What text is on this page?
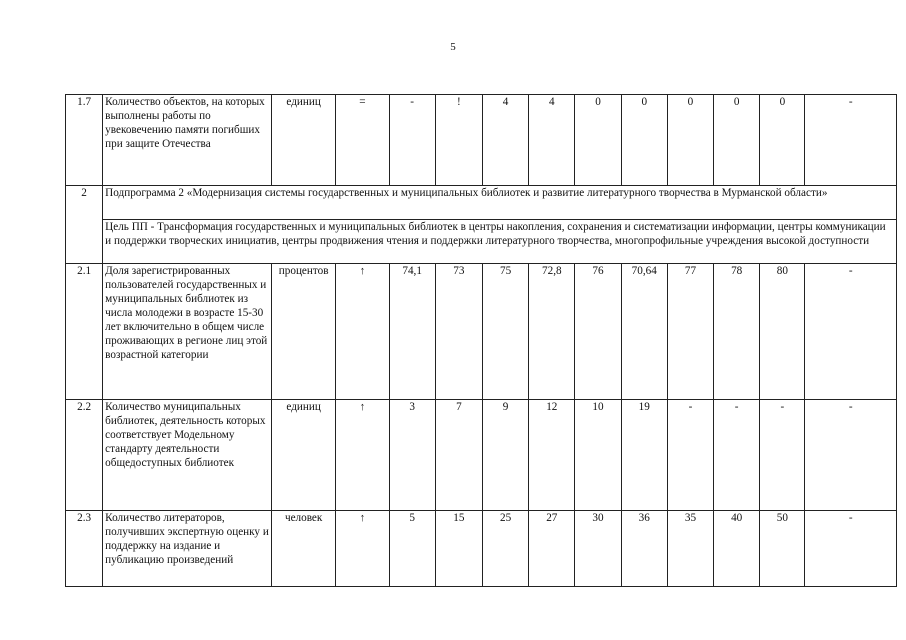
5
1.7	Количество объектов, на которых выполнены работы по увековечению памяти погибших при защите Отечества	единиц	=	-	!	4	4	0	0	0	0	0	-
2	Подпрограмма 2 «Модернизация системы государственных и муниципальных библиотек и развитие литературного творчества в Мурманской области»												
	Цель ПП - Трансформация государственных и муниципальных библиотек в центры накопления, сохранения и систематизации информации, центры коммуникации и поддержки творческих инициатив, центры продвижения чтения и поддержки литературного творчества, многопрофильные учреждения высокой доступности												
2.1	Доля зарегистрированных пользователей государственных и муниципальных библиотек из числа молодежи в возрасте 15-30 лет включительно в общем числе проживающих в регионе лиц этой возрастной категории	процентов	↑	74,1	73	75	72,8	76	70,64	77	78	80	-
2.2	Количество муниципальных библиотек, деятельность которых соответствует Модельному стандарту деятельности общедоступных библиотек	единиц	↑	3	7	9	12	10	19	-	-	-	-
2.3	Количество литераторов, получивших экспертную оценку и поддержку на издание и публикацию произведений	человек	↑	5	15	25	27	30	36	35	40	50	-
